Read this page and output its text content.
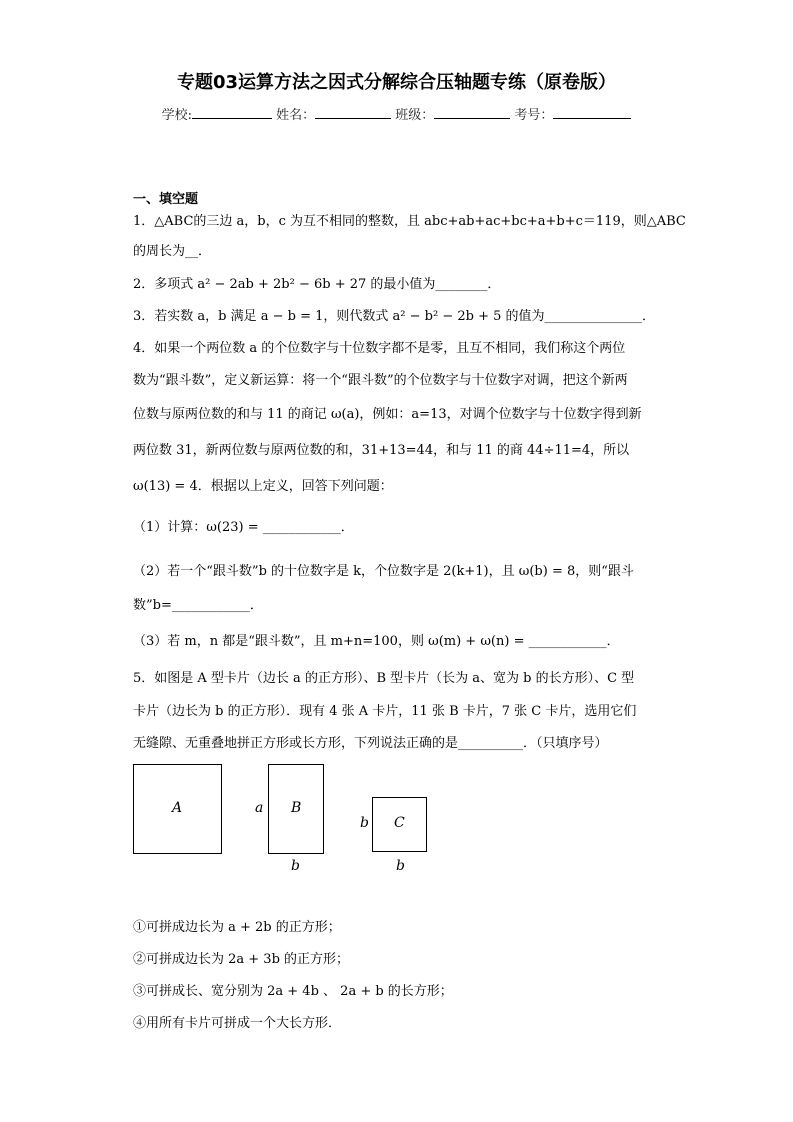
专题03运算方法之因式分解综合压轴题专练（原卷版）
学校:	姓名：	班级：	考号：
一、填空题
1．△ABC的三边 a，b，c 为互不相同的整数，且 abc+ab+ac+bc+a+b+c＝119，则△ABC
的周长为__．
2．多项式 a² − 2ab + 2b² − 6b + 27 的最小值为________．
3．若实数 a，b 满足 a − b = 1，则代数式 a² − b² − 2b + 5 的值为_______________．
4．如果一个两位数 a 的个位数字与十位数字都不是零，且互不相同，我们称这个两位
数为“跟斗数”，定义新运算：将一个“跟斗数”的个位数字与十位数字对调，把这个新两
位数与原两位数的和与 11 的商记 ω(a)，例如：a=13，对调个位数字与十位数字得到新
两位数 31，新两位数与原两位数的和，31+13=44，和与 11 的商 44÷11=4，所以
ω(13) = 4．根据以上定义，回答下列问题：
（1）计算：ω(23) = ____________．
（2）若一个“跟斗数”b 的十位数字是 k，个位数字是 2(k+1)，且 ω(b) = 8，则“跟斗
数”b=____________．
（3）若 m，n 都是“跟斗数”，且 m+n=100，则 ω(m) + ω(n) = ____________．
5．如图是 A 型卡片（边长 a 的正方形）、B 型卡片（长为 a、宽为 b 的长方形）、C 型
卡片（边长为 b 的正方形）．现有 4 张 A 卡片，11 张 B 卡片，7 张 C 卡片，选用它们
无缝隙、无重叠地拼正方形或长方形，下列说法正确的是__________．（只填序号）
A	B
a
b
C
b
b
①可拼成边长为 a + 2b 的正方形；
②可拼成边长为 2a + 3b 的正方形；
③可拼成长、宽分别为 2a + 4b 、 2a + b 的长方形；
④用所有卡片可拼成一个大长方形．
